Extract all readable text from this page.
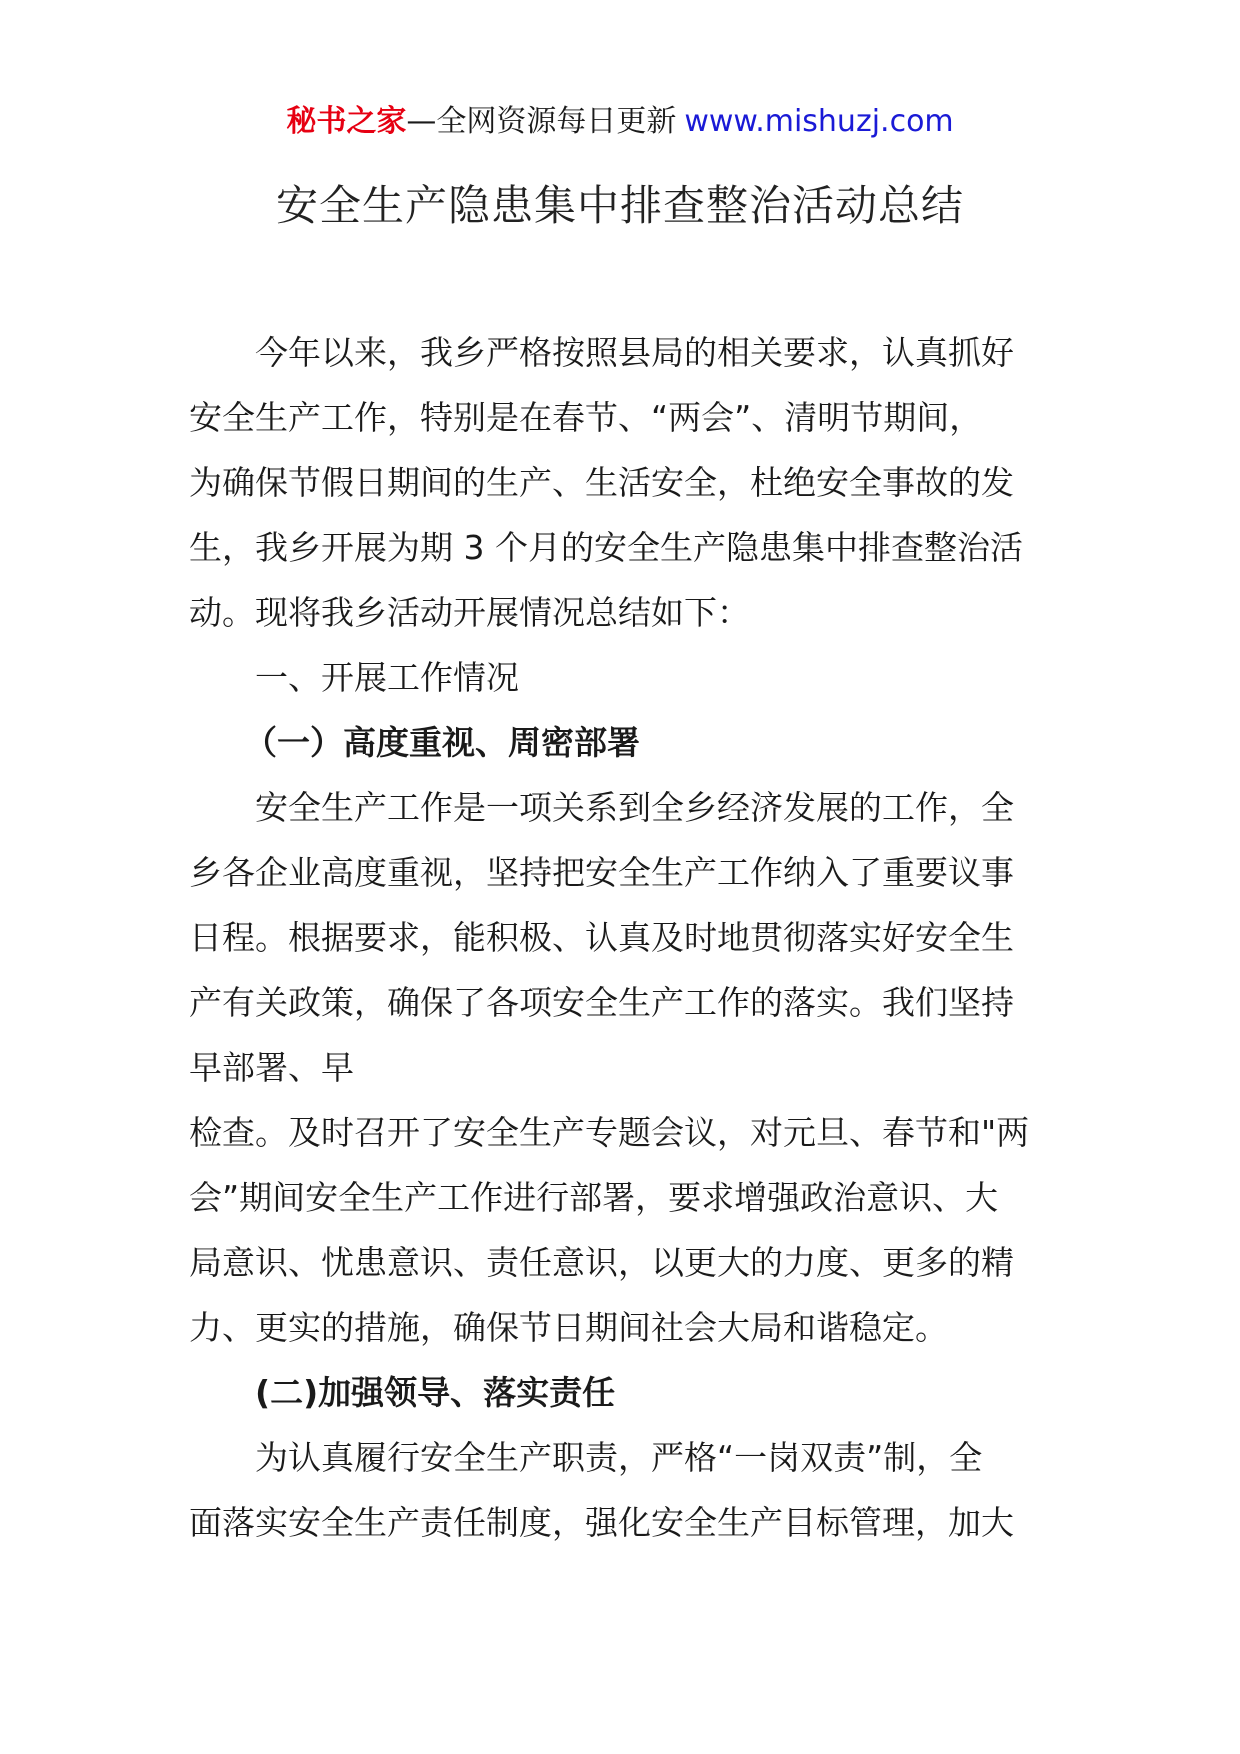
秘书之家—全网资源每日更新 www.mishuzj.com
安全生产隐患集中排查整治活动总结
今年以来，我乡严格按照县局的相关要求，认真抓好
安全生产工作，特别是在春节、“两会”、清明节期间，
为确保节假日期间的生产、生活安全，杜绝安全事故的发
生，我乡开展为期 3 个月的安全生产隐患集中排查整治活
动。现将我乡活动开展情况总结如下：
一、开展工作情况
（一）高度重视、周密部署
安全生产工作是一项关系到全乡经济发展的工作，全
乡各企业高度重视，坚持把安全生产工作纳入了重要议事
日程。根据要求，能积极、认真及时地贯彻落实好安全生
产有关政策，确保了各项安全生产工作的落实。我们坚持
早部署、早
检查。及时召开了安全生产专题会议，对元旦、春节和"两
会”期间安全生产工作进行部署，要求增强政治意识、大
局意识、忧患意识、责任意识，以更大的力度、更多的精
力、更实的措施，确保节日期间社会大局和谐稳定。
(二)加强领导、落实责任
为认真履行安全生产职责，严格“一岗双责”制，全
面落实安全生产责任制度，强化安全生产目标管理，加大
